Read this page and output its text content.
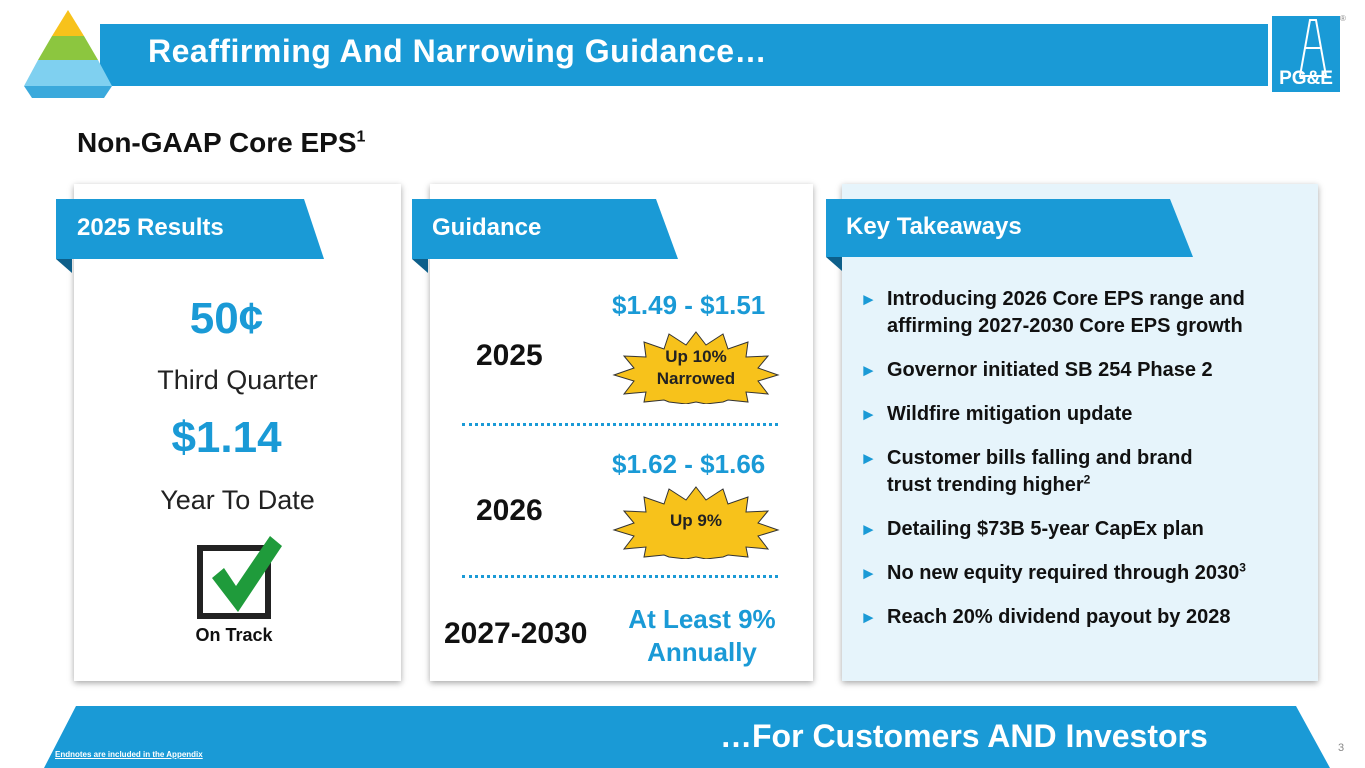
Reaffirming And Narrowing Guidance…
PG&E
®
Non-GAAP Core EPS$^1$
2025 Results
50¢
Third Quarter
$1.14
Year To Date
On Track
Guidance
$1.49 - $1.51
2025	Up 10%
Narrowed
$1.62 - $1.66
2026	Up 9%
2027-2030	At Least 9%
Annually
Key Takeaways
► Introducing 2026 Core EPS range and
affirming 2027-2030 Core EPS growth
► Governor initiated SB 254 Phase 2
► Wildfire mitigation update
► Customer bills falling and brand
trust trending higher$^2$
► Detailing $73B 5-year CapEx plan
► No new equity required through 2030$^3$
► Reach 20% dividend payout by 2028
…For Customers AND Investors
Endnotes are included in the Appendix
3
